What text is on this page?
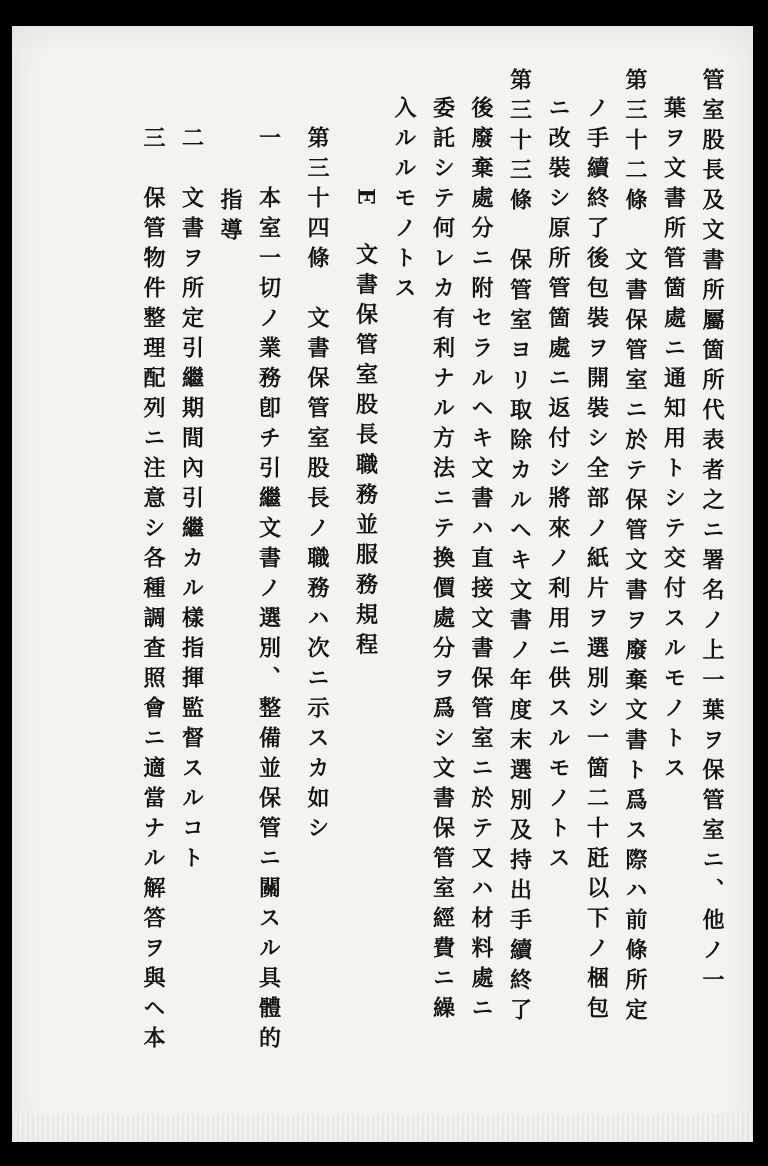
管室股長及文書所屬箇所代表者之ニ署名ノ上一葉ヲ保管室ニ、他ノ一
葉ヲ文書所管箇處ニ通知用トシテ交付スルモノトス
第三十二條　文書保管室ニ於テ保管文書ヲ廢棄文書ト爲ス際ハ前條所定
ノ手續終了後包裝ヲ開裝シ全部ノ紙片ヲ選別シ一箇二十瓩以下ノ梱包
ニ改裝シ原所管箇處ニ返付シ將來ノ利用ニ供スルモノトス
第三十三條　保管室ヨリ取除カルヘキ文書ノ年度末選別及持出手續終了
後廢棄處分ニ附セラルヘキ文書ハ直接文書保管室ニ於テ又ハ材料處ニ
委託シテ何レカ有利ナル方法ニテ換價處分ヲ爲シ文書保管室經費ニ繰
入ルルモノトス
E　文書保管室股長職務並服務規程
第三十四條　文書保管室股長ノ職務ハ次ニ示スカ如シ
一　本室一切ノ業務卽チ引繼文書ノ選別、整備並保管ニ關スル具體的
指導
二　文書ヲ所定引繼期間內引繼カル樣指揮監督スルコト
三　保管物件整理配列ニ注意シ各種調査照會ニ適當ナル解答ヲ與ヘ本
